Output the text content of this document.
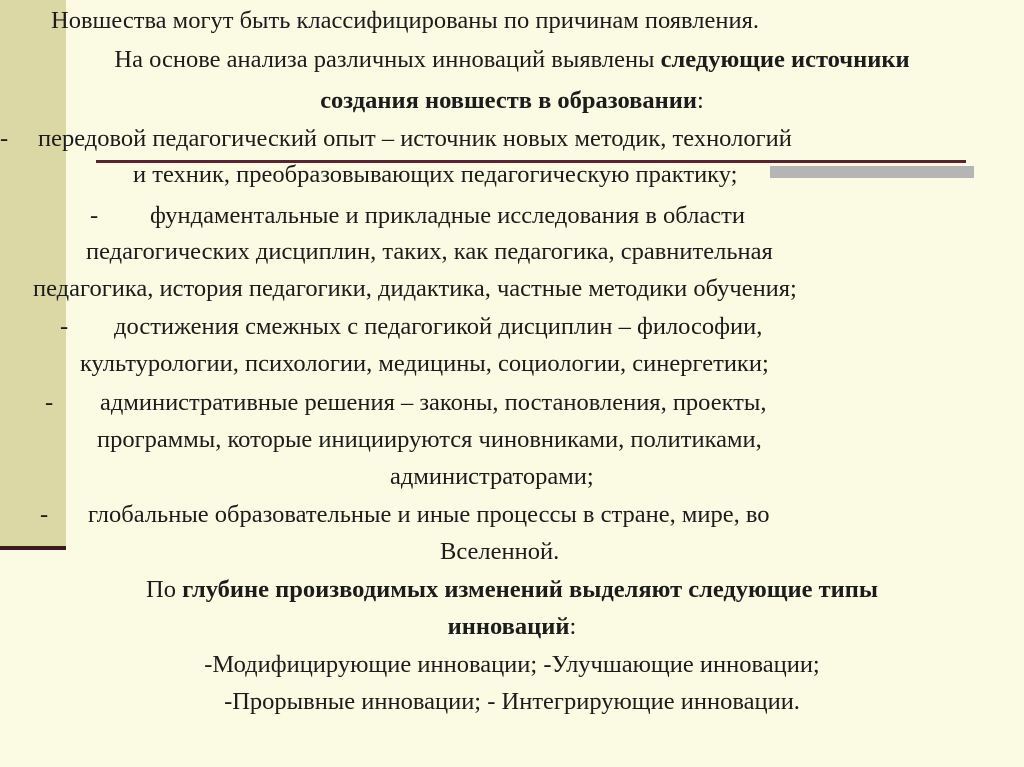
Новшества могут быть классифицированы по причинам появления.
На основе анализа различных инноваций выявлены следующие источники
создания новшеств в образовании:
-	передовой педагогический опыт – источник новых методик, технологий
и техник, преобразовывающих педагогическую практику;
-	фундаментальные и прикладные исследования в области
педагогических дисциплин, таких, как педагогика, сравнительная
педагогика, история педагогики, дидактика, частные методики обучения;
-	достижения смежных с педагогикой дисциплин – философии,
культурологии, психологии, медицины, социологии, синергетики;
-	административные решения – законы, постановления, проекты,
программы, которые инициируются чиновниками, политиками,
администраторами;
-	глобальные образовательные и иные процессы в стране, мире, во
Вселенной.
По глубине производимых изменений выделяют следующие типы
инноваций:
-Модифицирующие инновации; -Улучшающие инновации;
-Прорывные инновации; - Интегрирующие инновации.
